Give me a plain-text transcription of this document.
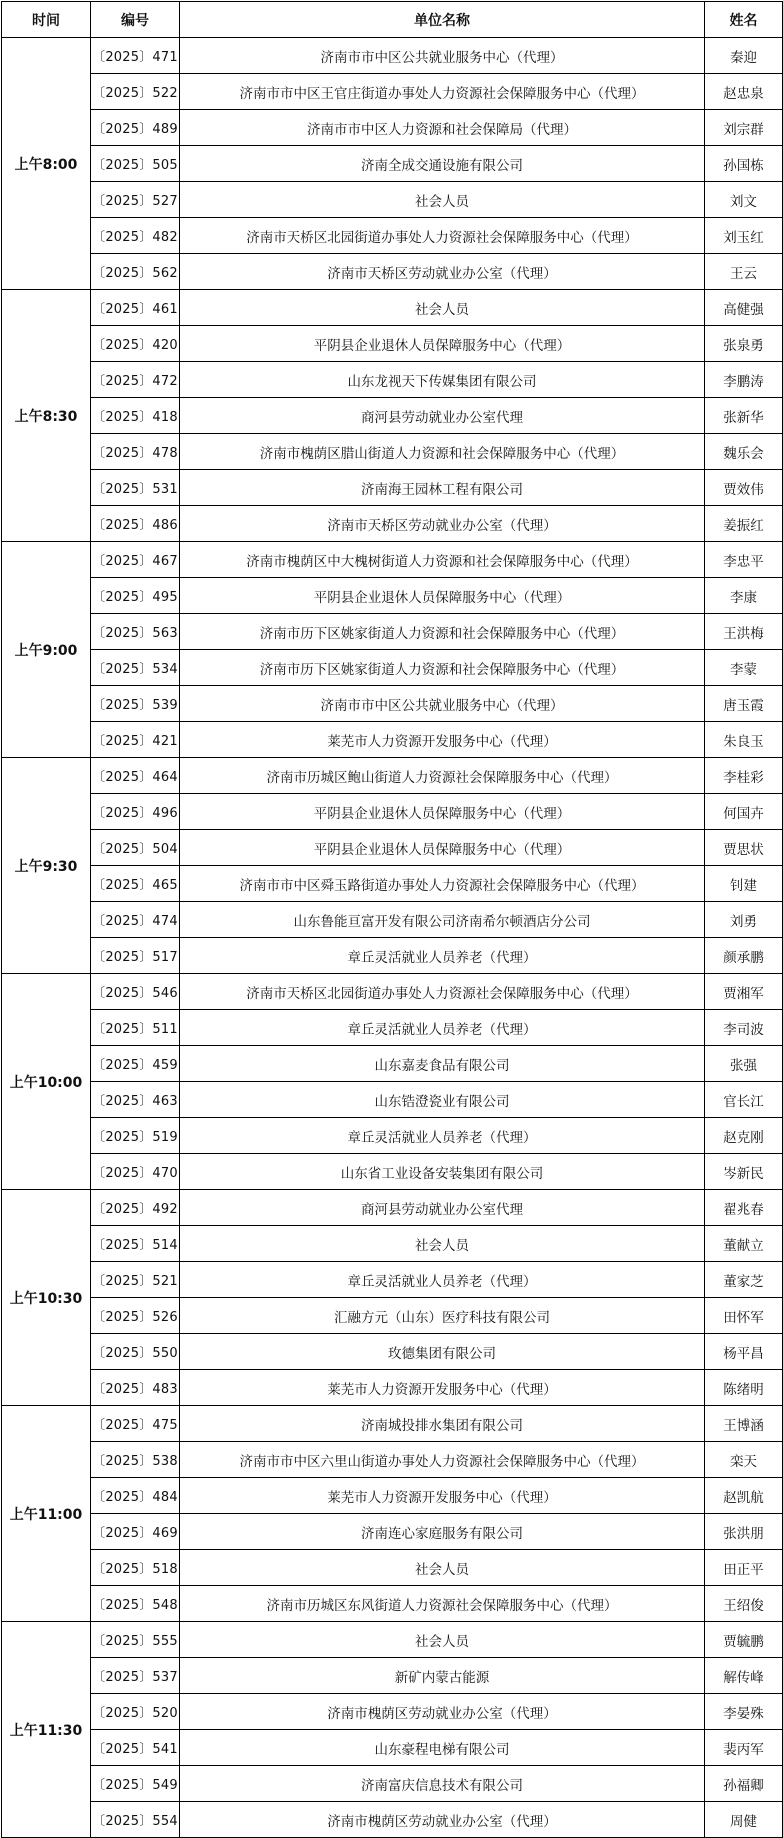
时间	编号	单位名称	姓名
上午8:00	〔2025〕471	济南市市中区公共就业服务中心（代理）	秦迎
	〔2025〕522	济南市市中区王官庄街道办事处人力资源社会保障服务中心（代理）	赵忠泉
	〔2025〕489	济南市市中区人力资源和社会保障局（代理）	刘宗群
	〔2025〕505	济南全成交通设施有限公司	孙国栋
	〔2025〕527	社会人员	刘文
	〔2025〕482	济南市天桥区北园街道办事处人力资源社会保障服务中心（代理）	刘玉红
	〔2025〕562	济南市天桥区劳动就业办公室（代理）	王云
上午8:30	〔2025〕461	社会人员	高健强
	〔2025〕420	平阴县企业退休人员保障服务中心（代理）	张泉勇
	〔2025〕472	山东龙视天下传媒集团有限公司	李鹏涛
	〔2025〕418	商河县劳动就业办公室代理	张新华
	〔2025〕478	济南市槐荫区腊山街道人力资源和社会保障服务中心（代理）	魏乐会
	〔2025〕531	济南海王园林工程有限公司	贾效伟
	〔2025〕486	济南市天桥区劳动就业办公室（代理）	姜振红
上午9:00	〔2025〕467	济南市槐荫区中大槐树街道人力资源和社会保障服务中心（代理）	李忠平
	〔2025〕495	平阴县企业退休人员保障服务中心（代理）	李康
	〔2025〕563	济南市历下区姚家街道人力资源和社会保障服务中心（代理）	王洪梅
	〔2025〕534	济南市历下区姚家街道人力资源和社会保障服务中心（代理）	李蒙
	〔2025〕539	济南市市中区公共就业服务中心（代理）	唐玉霞
	〔2025〕421	莱芜市人力资源开发服务中心（代理）	朱良玉
上午9:30	〔2025〕464	济南市历城区鲍山街道人力资源社会保障服务中心（代理）	李桂彩
	〔2025〕496	平阴县企业退休人员保障服务中心（代理）	何国卉
	〔2025〕504	平阴县企业退休人员保障服务中心（代理）	贾思状
	〔2025〕465	济南市市中区舜玉路街道办事处人力资源社会保障服务中心（代理）	钊建
	〔2025〕474	山东鲁能亘富开发有限公司济南希尔顿酒店分公司	刘勇
	〔2025〕517	章丘灵活就业人员养老（代理）	颜承鹏
上午10:00	〔2025〕546	济南市天桥区北园街道办事处人力资源社会保障服务中心（代理）	贾湘军
	〔2025〕511	章丘灵活就业人员养老（代理）	李司波
	〔2025〕459	山东嘉麦食品有限公司	张强
	〔2025〕463	山东锆澄瓷业有限公司	官长江
	〔2025〕519	章丘灵活就业人员养老（代理）	赵克刚
	〔2025〕470	山东省工业设备安装集团有限公司	岑新民
上午10:30	〔2025〕492	商河县劳动就业办公室代理	翟兆春
	〔2025〕514	社会人员	董献立
	〔2025〕521	章丘灵活就业人员养老（代理）	董家芝
	〔2025〕526	汇融方元（山东）医疗科技有限公司	田怀军
	〔2025〕550	玫德集团有限公司	杨平昌
	〔2025〕483	莱芜市人力资源开发服务中心（代理）	陈绪明
上午11:00	〔2025〕475	济南城投排水集团有限公司	王博涵
	〔2025〕538	济南市市中区六里山街道办事处人力资源社会保障服务中心（代理）	栾天
	〔2025〕484	莱芜市人力资源开发服务中心（代理）	赵凯航
	〔2025〕469	济南连心家庭服务有限公司	张洪朋
	〔2025〕518	社会人员	田正平
	〔2025〕548	济南市历城区东风街道人力资源社会保障服务中心（代理）	王绍俊
上午11:30	〔2025〕555	社会人员	贾毓鹏
	〔2025〕537	新矿内蒙古能源	解传峰
	〔2025〕520	济南市槐荫区劳动就业办公室（代理）	李晏殊
	〔2025〕541	山东豪程电梯有限公司	裴丙军
	〔2025〕549	济南富庆信息技术有限公司	孙福卿
	〔2025〕554	济南市槐荫区劳动就业办公室（代理）	周健
